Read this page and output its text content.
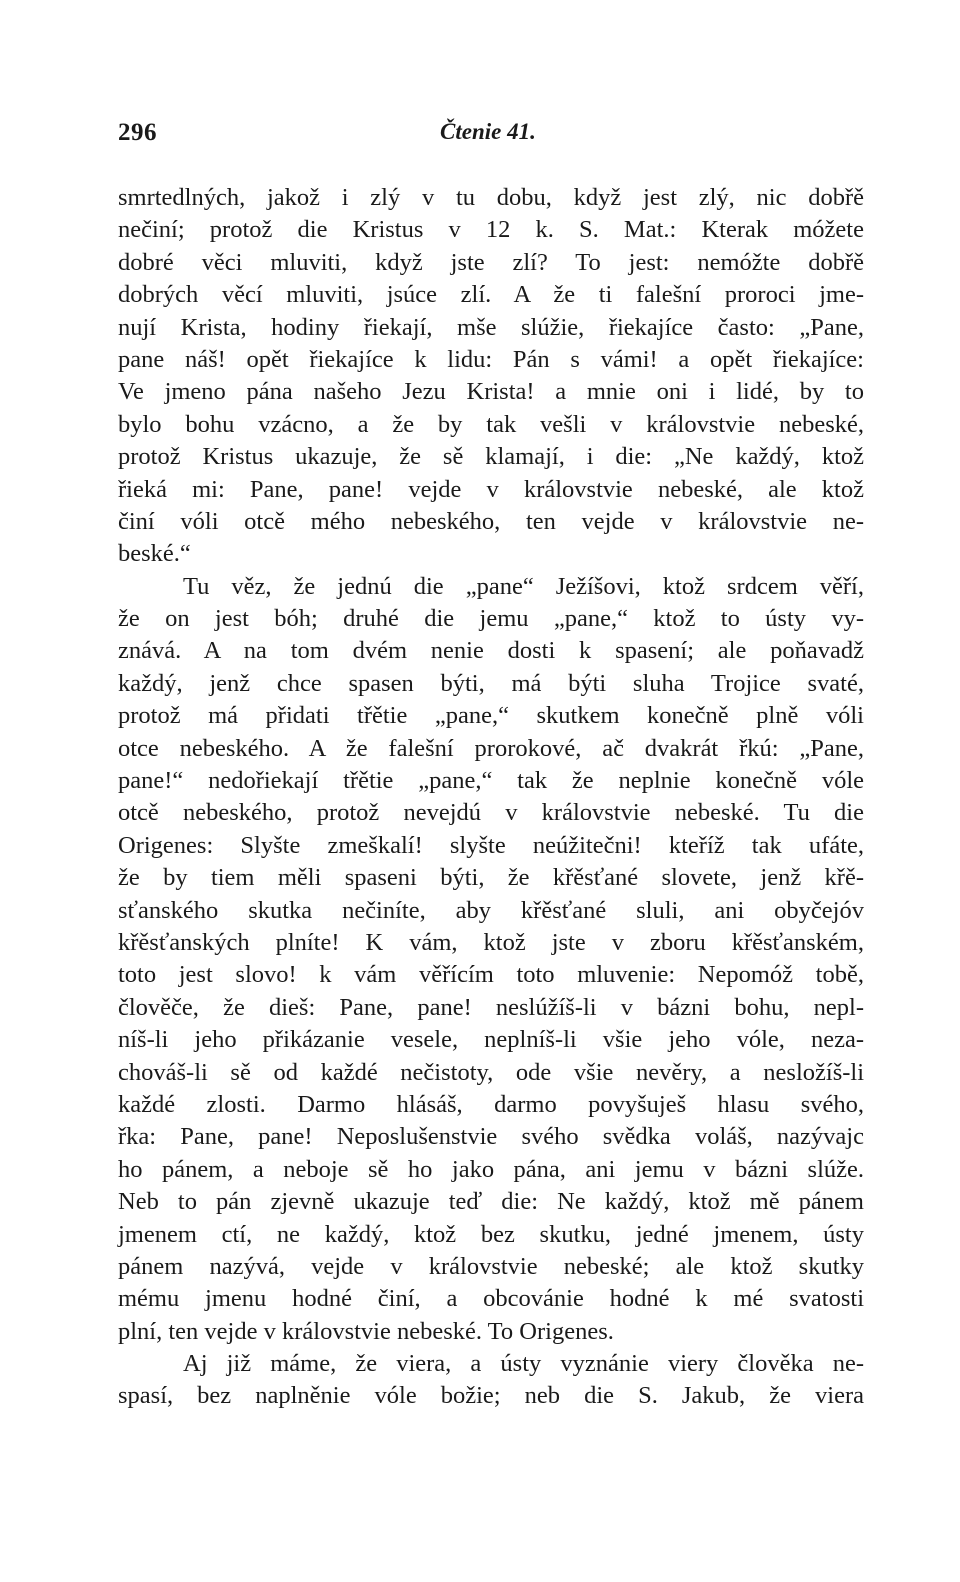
296	Čtenie 41.
smrtedlných, jakož i zlý v tu dobu, když jest zlý, nic dobřě
nečiní; protož die Kristus v 12 k. S. Mat.: Kterak móžete
dobré věci mluviti, když jste zlí? To jest: nemóžte dobřě
dobrých věcí mluviti, jsúce zlí. A že ti falešní proroci jme-
nují Krista, hodiny řiekají, mše slúžie, řiekajíce často: „Pane,
pane náš! opět řiekajíce k lidu: Pán s vámi! a opět řiekajíce:
Ve jmeno pána našeho Jezu Krista! a mnie oni i lidé, by to
bylo bohu vzácno, a že by tak vešli v královstvie nebeské,
protož Kristus ukazuje, že sě klamají, i die: „Ne každý, ktož
řieká mi: Pane, pane! vejde v královstvie nebeské, ale ktož
činí vóli otcě mého nebeského, ten vejde v královstvie ne-
beské.“
Tu věz, že jednú die „pane“ Ježíšovi, ktož srdcem věří,
že on jest bóh; druhé die jemu „pane,“ ktož to ústy vy-
znává. A na tom dvém nenie dosti k spasení; ale poňavadž
každý, jenž chce spasen býti, má býti sluha Trojice svaté,
protož má přidati třětie „pane,“ skutkem konečně plně vóli
otce nebeského. A že falešní prorokové, ač dvakrát řkú: „Pane,
pane!“ nedořiekají třětie „pane,“ tak že neplnie konečně vóle
otcě nebeského, protož nevejdú v královstvie nebeské. Tu die
Origenes: Slyšte zmeškalí! slyšte neúžitečni! kteříž tak ufáte,
že by tiem měli spaseni býti, že křěsťané slovete, jenž křě-
sťanského skutka nečiníte, aby křěsťané sluli, ani obyčejóv
křěsťanských plníte! K vám, ktož jste v zboru křěsťanském,
toto jest slovo! k vám věřícím toto mluvenie: Nepomóž tobě,
člověče, že dieš: Pane, pane! neslúžíš-li v bázni bohu, nepl-
níš-li jeho přikázanie vesele, neplníš-li všie jeho vóle, neza-
chováš-li sě od každé nečistoty, ode všie nevěry, a nesložíš-li
každé zlosti. Darmo hlásáš, darmo povyšuješ hlasu svého,
řka: Pane, pane! Neposlušenstvie svého svědka voláš, nazývajc
ho pánem, a neboje sě ho jako pána, ani jemu v bázni slúže.
Neb to pán zjevně ukazuje teď die: Ne každý, ktož mě pánem
jmenem ctí, ne každý, ktož bez skutku, jedné jmenem, ústy
pánem nazývá, vejde v královstvie nebeské; ale ktož skutky
mému jmenu hodné činí, a obcovánie hodné k mé svatosti
plní, ten vejde v královstvie nebeské. To Origenes.
Aj již máme, že viera, a ústy vyznánie viery člověka ne-
spasí, bez naplněnie vóle božie; neb die S. Jakub, že viera
